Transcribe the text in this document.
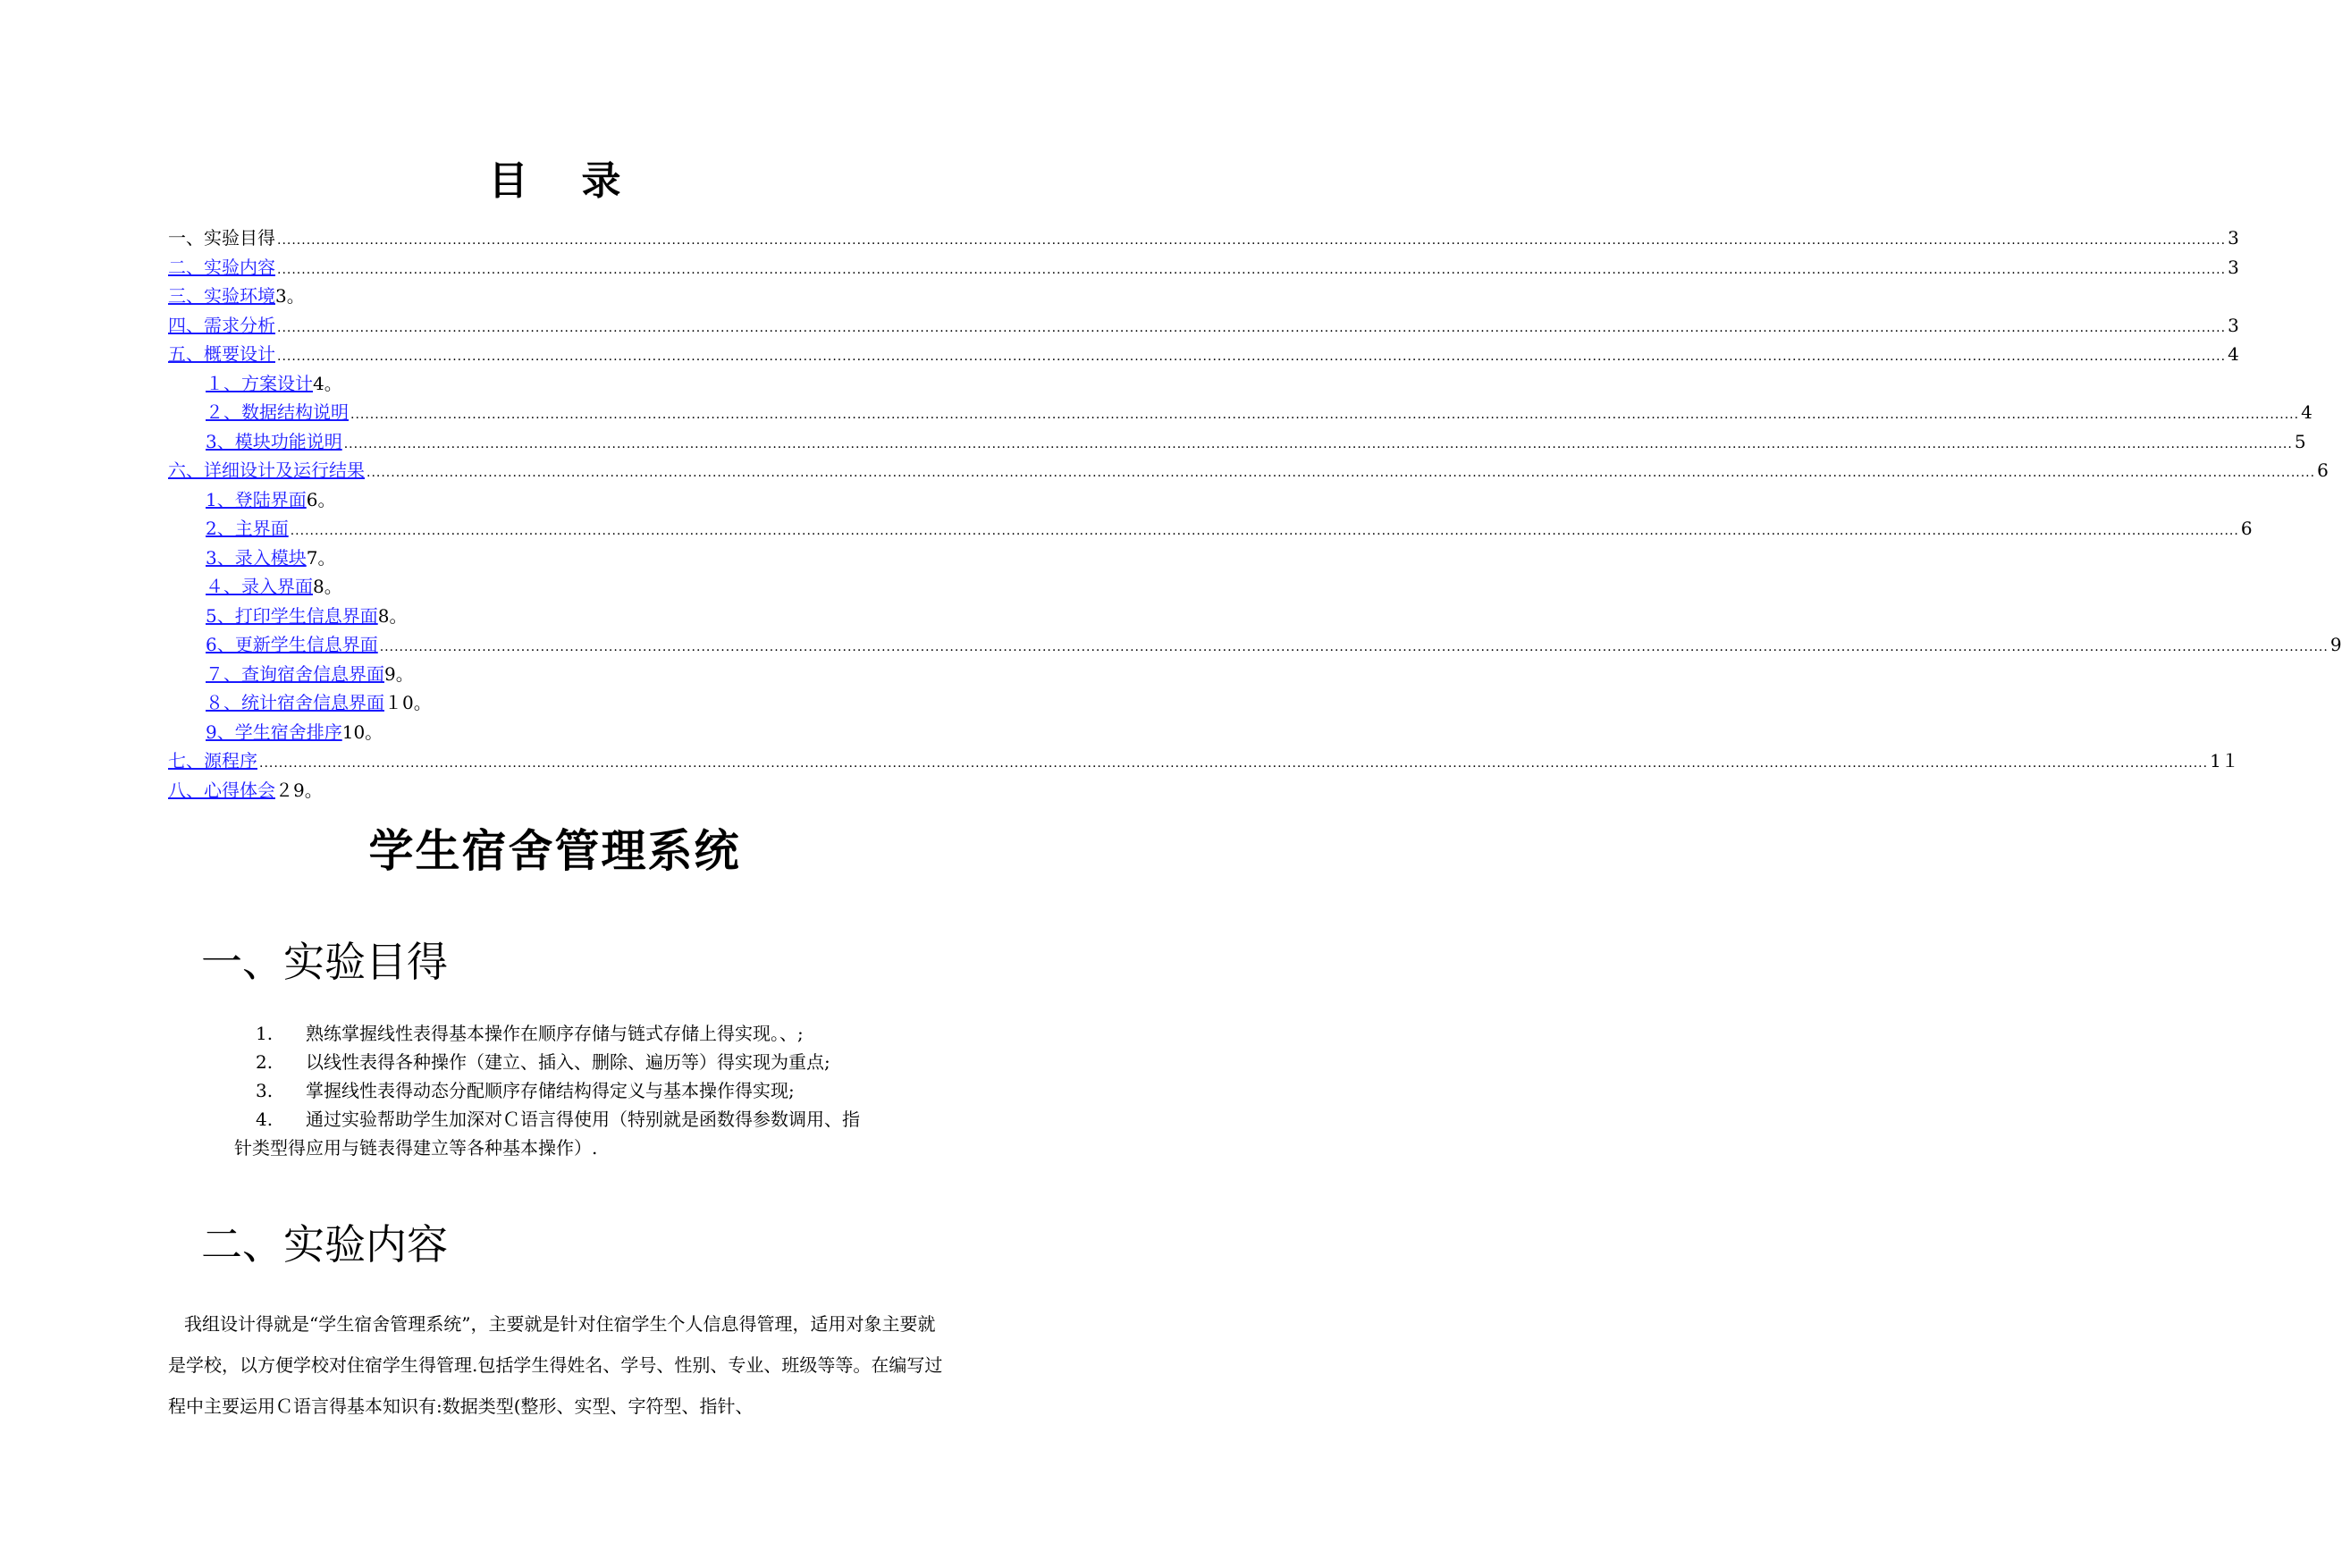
目录
一、实验目得 ................................................................................................................................................................................................................................................................................................................................................................................................................ 3
二、实验内容 ................................................................................................................................................................................................................................................................................................................................................................................................................ 3
三、实验环境 3。
四、需求分析 ................................................................................................................................................................................................................................................................................................................................................................................................................ 3
五、概要设计 ................................................................................................................................................................................................................................................................................................................................................................................................................ 4
１、方案设计 4。
２、数据结构说明 ................................................................................................................................................................................................................................................................................................................................................................................................................ 4
3、模块功能说明 ................................................................................................................................................................................................................................................................................................................................................................................................................ 5
六、详细设计及运行结果 ................................................................................................................................................................................................................................................................................................................................................................................................................ 6
1、登陆界面 6。
2、主界面 ................................................................................................................................................................................................................................................................................................................................................................................................................ 6
3、录入模块 7。
４、录入界面 8。
5、打印学生信息界面 8。
6、更新学生信息界面 ................................................................................................................................................................................................................................................................................................................................................................................................................ 9
７、查询宿舍信息界面 9。
８、统计宿舍信息界面 １0。
9、学生宿舍排序 10。
七、源程序 ................................................................................................................................................................................................................................................................................................................................................................................................................ 1１
八、心得体会 ２9。
学生宿舍管理系统
一、实验目得
1.	熟练掌握线性表得基本操作在顺序存储与链式存储上得实现。、;
2.	以线性表得各种操作（建立、插入、删除、遍历等）得实现为重点;
3.	掌握线性表得动态分配顺序存储结构得定义与基本操作得实现;
4.	通过实验帮助学生加深对Ｃ语言得使用（特别就是函数得参数调用、指
针类型得应用与链表得建立等各种基本操作）.
二、实验内容
我组设计得就是“学生宿舍管理系统”，主要就是针对住宿学生个人信息得管理，适用对象主要就是学校，以方便学校对住宿学生得管理.包括学生得姓名、学号、性别、专业、班级等等。在编写过程中主要运用Ｃ语言得基本知识有:数据类型(整形、实型、字符型、指针、
